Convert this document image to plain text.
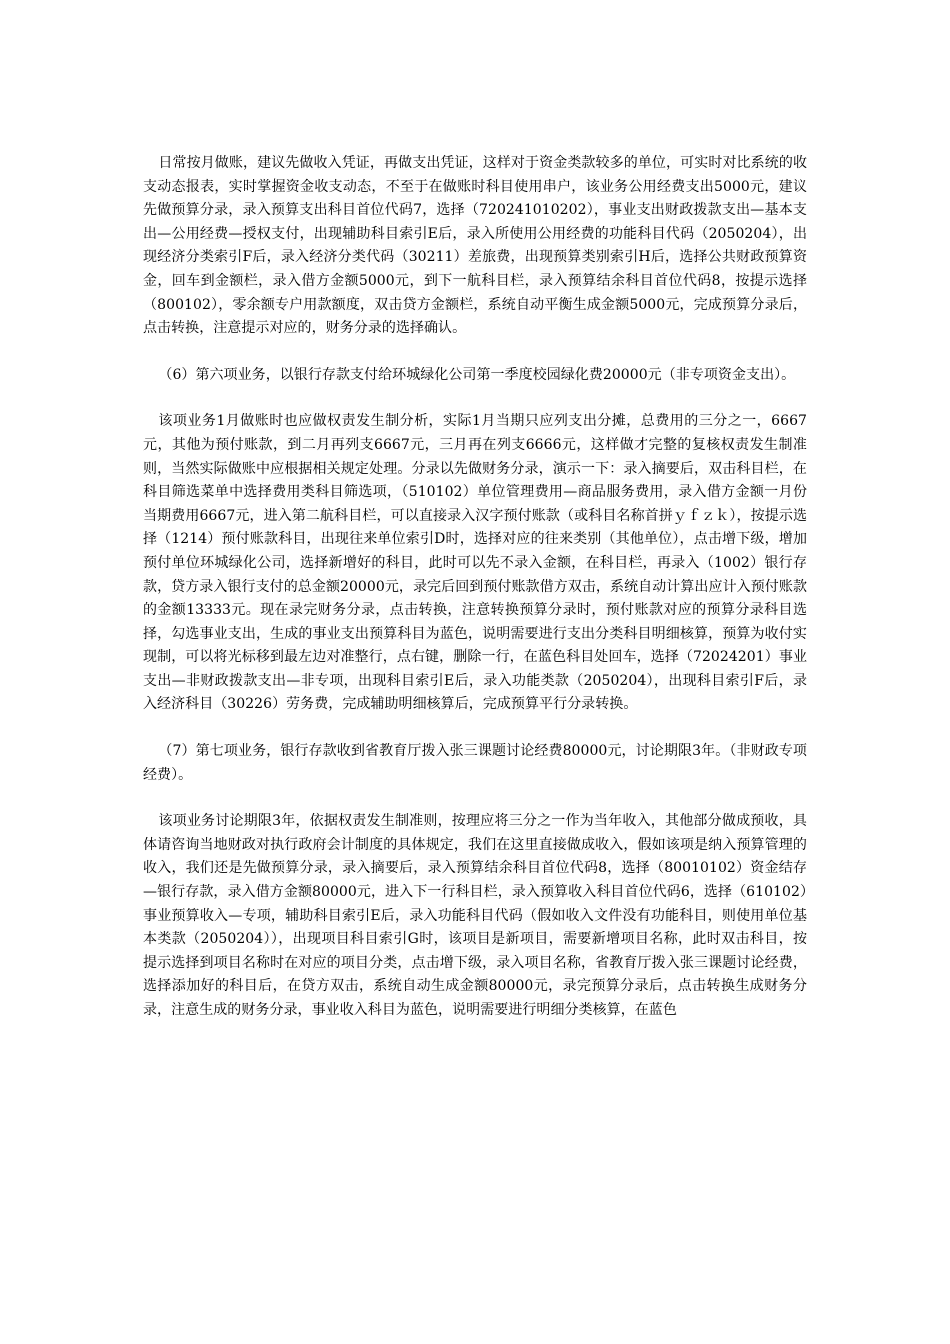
日常按月做账，建议先做收入凭证，再做支出凭证，这样对于资金类款较多的单位，可实时对比系统的收支动态报表，实时掌握资金收支动态，不至于在做账时科目使用串户，该业务公用经费支出5000元，建议先做预算分录，录入预算支出科目首位代码7，选择（720241010202），事业支出财政拨款支出—基本支出—公用经费—授权支付，出现辅助科目索引E后，录入所使用公用经费的功能科目代码（2050204），出现经济分类索引F后，录入经济分类代码（30211）差旅费，出现预算类别索引H后，选择公共财政预算资金，回车到金额栏，录入借方金额5000元，到下一航科目栏，录入预算结余科目首位代码8，按提示选择（800102），零余额专户用款额度，双击贷方金额栏，系统自动平衡生成金额5000元，完成预算分录后，点击转换，注意提示对应的，财务分录的选择确认。

（6）第六项业务，以银行存款支付给环城绿化公司第一季度校园绿化费20000元（非专项资金支出）。

该项业务1月做账时也应做权责发生制分析，实际1月当期只应列支出分摊，总费用的三分之一，6667元，其他为预付账款，到二月再列支6667元，三月再在列支6666元，这样做才完整的复核权责发生制准则，当然实际做账中应根据相关规定处理。分录以先做财务分录，演示一下：录入摘要后，双击科目栏，在科目筛选菜单中选择费用类科目筛选项，（510102）单位管理费用—商品服务费用，录入借方金额一月份当期费用6667元，进入第二航科目栏，可以直接录入汉字预付账款（或科目名称首拼ｙｆｚｋ），按提示选择（1214）预付账款科目，出现往来单位索引D时，选择对应的往来类别（其他单位），点击增下级，增加预付单位环城绿化公司，选择新增好的科目，此时可以先不录入金额，在科目栏，再录入（1002）银行存款，贷方录入银行支付的总金额20000元，录完后回到预付账款借方双击，系统自动计算出应计入预付账款的金额13333元。现在录完财务分录，点击转换，注意转换预算分录时，预付账款对应的预算分录科目选择，勾选事业支出，生成的事业支出预算科目为蓝色，说明需要进行支出分类科目明细核算，预算为收付实现制，可以将光标移到最左边对准整行，点右键，删除一行，在蓝色科目处回车，选择（72024201）事业支出—非财政拨款支出—非专项，出现科目索引E后，录入功能类款（2050204），出现科目索引F后，录入经济科目（30226）劳务费，完成辅助明细核算后，完成预算平行分录转换。

（7）第七项业务，银行存款收到省教育厅拨入张三课题讨论经费80000元，讨论期限3年。（非财政专项经费）。

该项业务讨论期限3年，依据权责发生制准则，按理应将三分之一作为当年收入，其他部分做成预收，具体请咨询当地财政对执行政府会计制度的具体规定，我们在这里直接做成收入，假如该项是纳入预算管理的收入，我们还是先做预算分录，录入摘要后，录入预算结余科目首位代码8，选择（80010102）资金结存—银行存款，录入借方金额80000元，进入下一行科目栏，录入预算收入科目首位代码6，选择（610102）事业预算收入—专项，辅助科目索引E后，录入功能科目代码（假如收入文件没有功能科目，则使用单位基本类款（2050204）），出现项目科目索引G时，该项目是新项目，需要新增项目名称，此时双击科目，按提示选择到项目名称时在对应的项目分类，点击增下级，录入项目名称，省教育厅拨入张三课题讨论经费，选择添加好的科目后，在贷方双击，系统自动生成金额80000元，录完预算分录后，点击转换生成财务分录，注意生成的财务分录，事业收入科目为蓝色，说明需要进行明细分类核算，在蓝色
